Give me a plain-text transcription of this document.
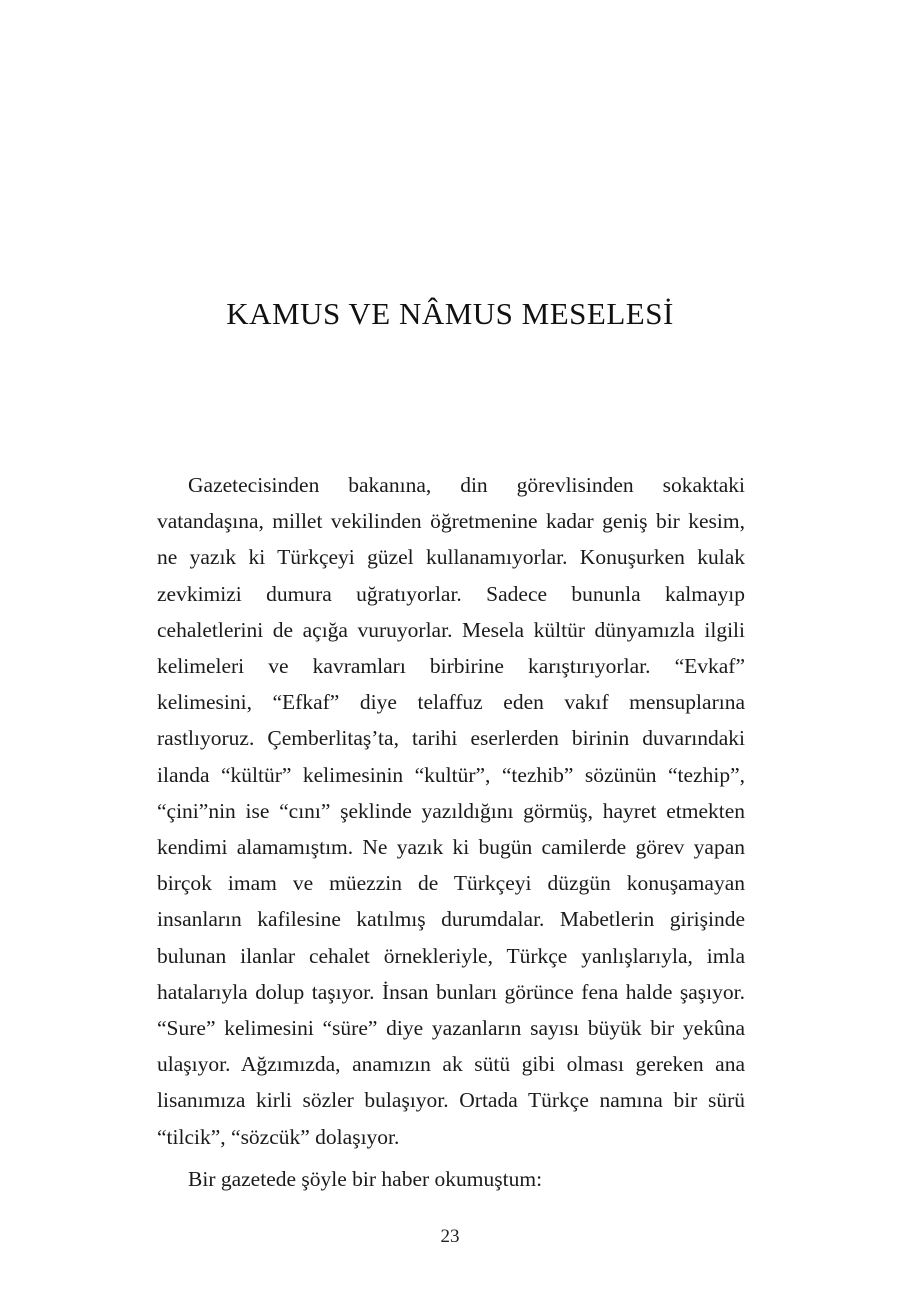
KAMUS VE NÂMUS MESELESİ

Gazetecisinden bakanına, din görevlisinden sokaktaki vatandaşına, millet vekilinden öğretmenine kadar geniş bir kesim, ne yazık ki Türkçeyi güzel kullanamıyorlar. Konuşurken kulak zevkimizi dumura uğratıyorlar. Sadece bununla kalmayıp cehaletlerini de açığa vuruyorlar. Mesela kültür dünyamızla ilgili kelimeleri ve kavramları birbirine karıştırıyorlar. “Evkaf” kelimesini, “Efkaf” diye telaffuz eden vakıf mensuplarına rastlıyoruz. Çemberlitaş’ta, tarihi eserlerden birinin duvarındaki ilanda “kültür” kelimesinin “kultür”, “tezhib” sözünün “tezhip”, “çini”nin ise “cını” şeklinde yazıldığını görmüş, hayret etmekten kendimi alamamıştım. Ne yazık ki bugün camilerde görev yapan birçok imam ve müezzin de Türkçeyi düzgün konuşamayan insanların kafilesine katılmış durumdalar. Mabetlerin girişinde bulunan ilanlar cehalet örnekleriyle, Türkçe yanlışlarıyla, imla hatalarıyla dolup taşıyor. İnsan bunları görünce fena halde şaşıyor. “Sure” kelimesini “süre” diye yazanların sayısı büyük bir yekûna ulaşıyor. Ağzımızda, anamızın ak sütü gibi olması gereken ana lisanımıza kirli sözler bulaşıyor. Ortada Türkçe namına bir sürü “tilcik”, “sözcük” dolaşıyor.

Bir gazetede şöyle bir haber okumuştum:

23
